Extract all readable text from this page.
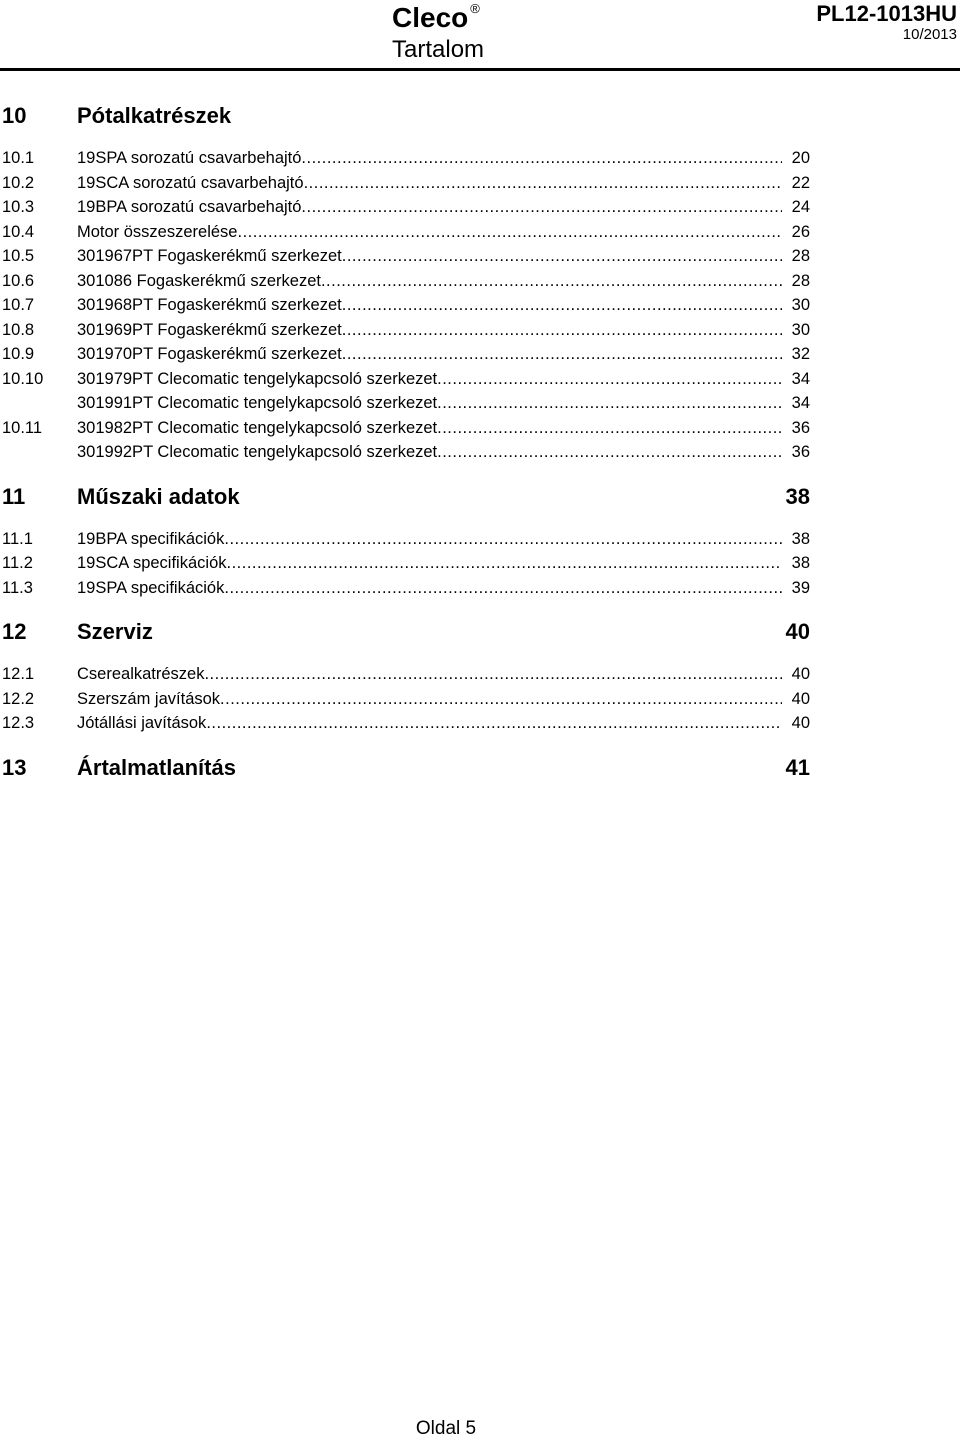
Cleco ®
Tartalom
PL12-1013HU
10/2013
10	Pótalkatrészek
10.1	19SPA sorozatú csavarbehajtó .....	20
10.2	19SCA sorozatú csavarbehajtó .....	22
10.3	19BPA sorozatú csavarbehajtó .....	24
10.4	Motor összeszerelése .....	26
10.5	301967PT Fogaskerékmű szerkezet .....	28
10.6	301086 Fogaskerékmű szerkezet .....	28
10.7	301968PT Fogaskerékmű szerkezet .....	30
10.8	301969PT Fogaskerékmű szerkezet .....	30
10.9	301970PT Fogaskerékmű szerkezet .....	32
10.10	301979PT Clecomatic tengelykapcsoló szerkezet .....	34
301991PT Clecomatic tengelykapcsoló szerkezet .....	34
10.11	301982PT Clecomatic tengelykapcsoló szerkezet .....	36
301992PT Clecomatic tengelykapcsoló szerkezet .....	36
11	Műszaki adatok	38
11.1	19BPA specifikációk .....	38
11.2	19SCA specifikációk .....	38
11.3	19SPA specifikációk .....	39
12	Szerviz	40
12.1	Cserealkatrészek .....	40
12.2	Szerszám javítások .....	40
12.3	Jótállási javítások .....	40
13	Ártalmatlanítás	41
Oldal 5
